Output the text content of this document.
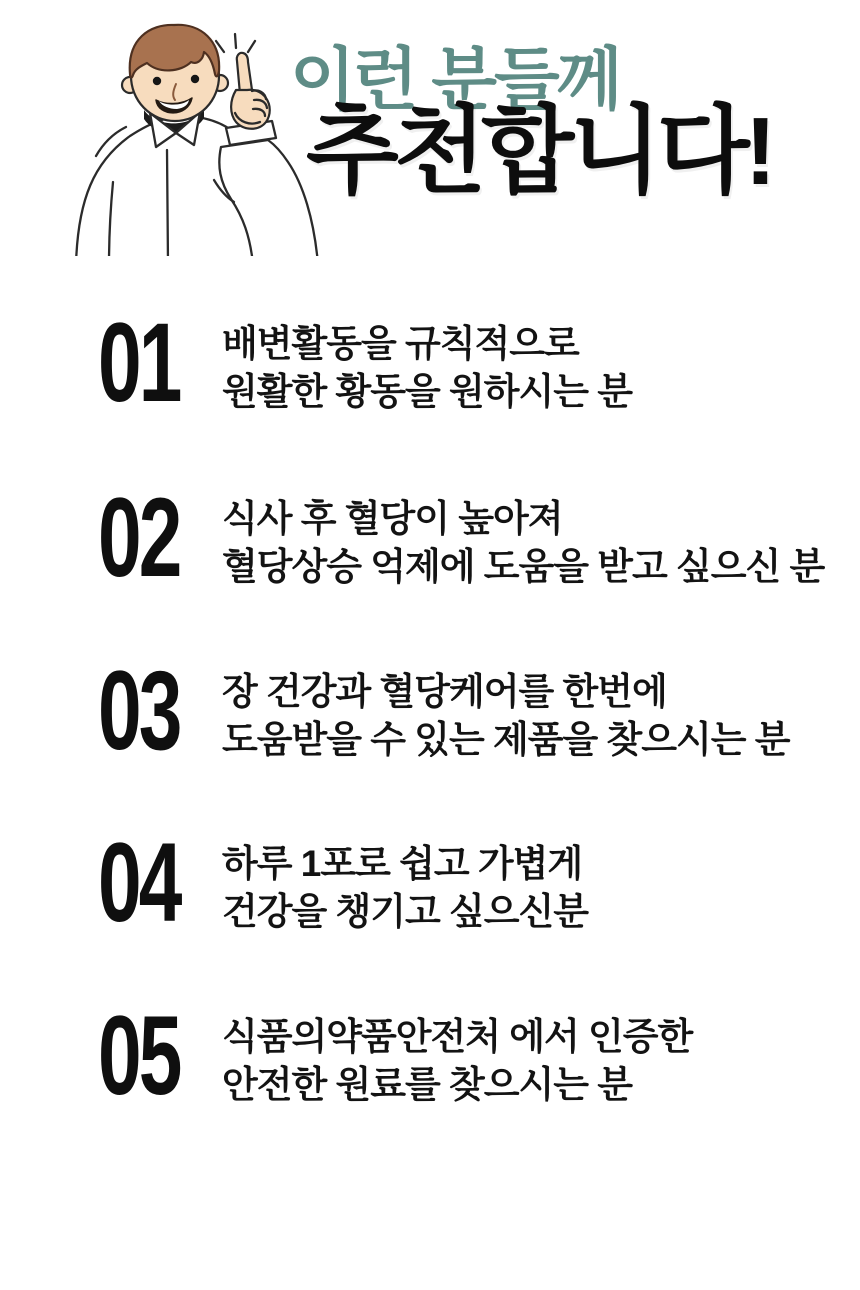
이런 분들께
추천합니다!
01 배변활동을 규칙적으로
원활한 황동을 원하시는 분
02 식사 후 혈당이 높아져
혈당상승 억제에 도움을 받고 싶으신 분
03 장 건강과 혈당케어를 한번에
도움받을 수 있는 제품을 찾으시는 분
04 하루 1포로 쉽고 가볍게
건강을 챙기고 싶으신분
05 식품의약품안전처 에서 인증한
안전한 원료를 찾으시는 분
